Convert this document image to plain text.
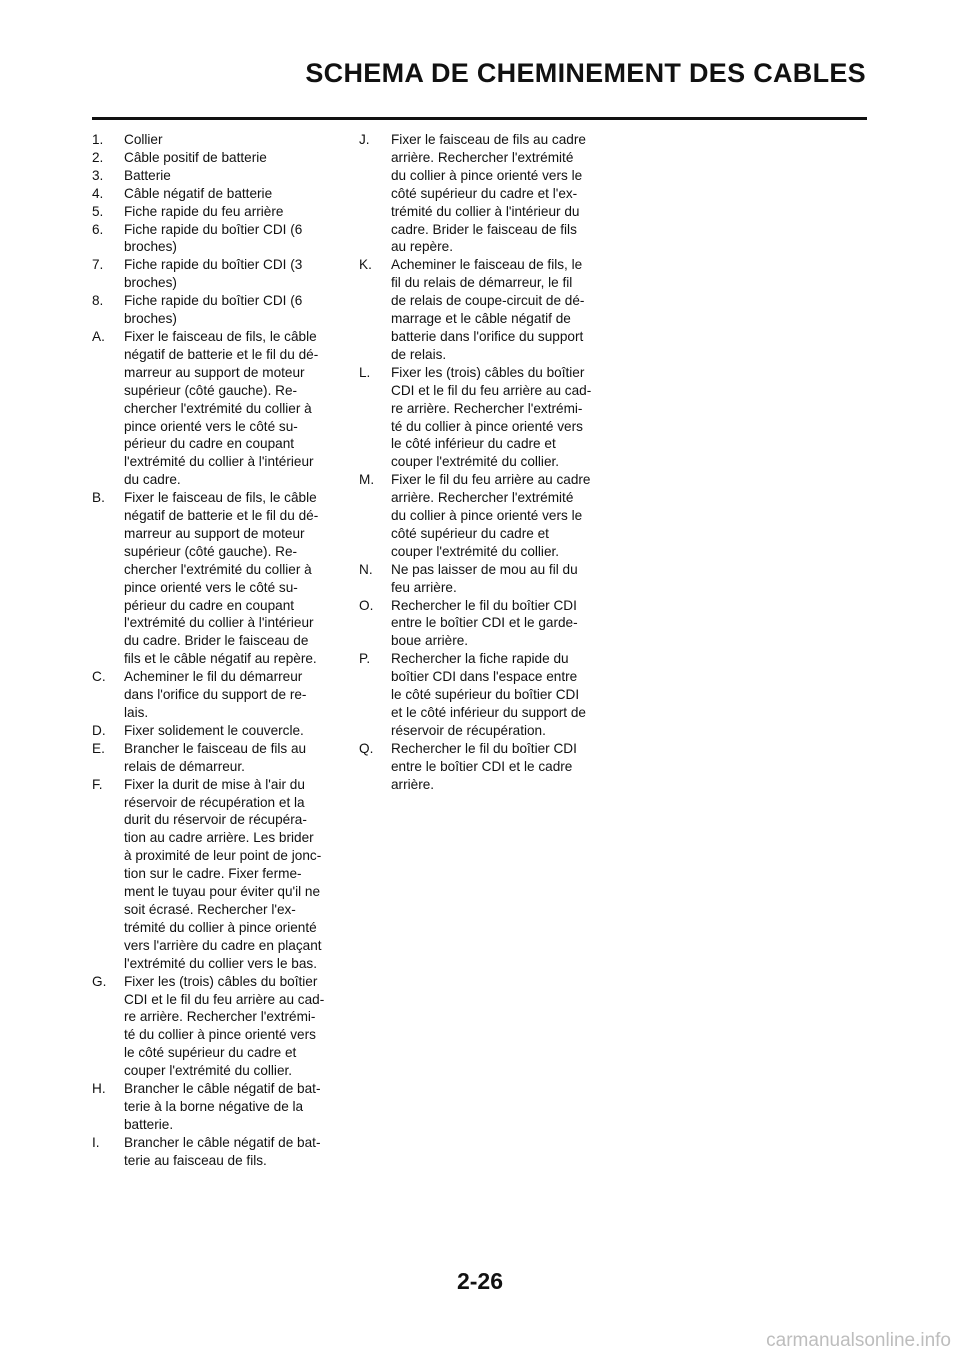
SCHEMA DE CHEMINEMENT DES CABLES
1.	Collier
2.	Câble positif de batterie
3.	Batterie
4.	Câble négatif de batterie
5.	Fiche rapide du feu arrière
6.	Fiche rapide du boîtier CDI (6
broches)
7.	Fiche rapide du boîtier CDI (3
broches)
8.	Fiche rapide du boîtier CDI (6
broches)
A.	Fixer le faisceau de fils, le câble
négatif de batterie et le fil du dé-
marreur au support de moteur
supérieur (côté gauche). Re-
chercher l'extrémité du collier à
pince orienté vers le côté su-
périeur du cadre en coupant
l'extrémité du collier à l'intérieur
du cadre.
B.	Fixer le faisceau de fils, le câble
négatif de batterie et le fil du dé-
marreur au support de moteur
supérieur (côté gauche). Re-
chercher l'extrémité du collier à
pince orienté vers le côté su-
périeur du cadre en coupant
l'extrémité du collier à l'intérieur
du cadre. Brider le faisceau de
fils et le câble négatif au repère.
C.	Acheminer le fil du démarreur
dans l'orifice du support de re-
lais.
D.	Fixer solidement le couvercle.
E.	Brancher le faisceau de fils au
relais de démarreur.
F.	Fixer la durit de mise à l'air du
réservoir de récupération et la
durit du réservoir de récupéra-
tion au cadre arrière. Les brider
à proximité de leur point de jonc-
tion sur le cadre. Fixer ferme-
ment le tuyau pour éviter qu'il ne
soit écrasé. Rechercher l'ex-
trémité du collier à pince orienté
vers l'arrière du cadre en plaçant
l'extrémité du collier vers le bas.
G.	Fixer les (trois) câbles du boîtier
CDI et le fil du feu arrière au cad-
re arrière. Rechercher l'extrémi-
té du collier à pince orienté vers
le côté supérieur du cadre et
couper l'extrémité du collier.
H.	Brancher le câble négatif de bat-
terie à la borne négative de la
batterie.
I.	Brancher le câble négatif de bat-
terie au faisceau de fils.
J.	Fixer le faisceau de fils au cadre
arrière. Rechercher l'extrémité
du collier à pince orienté vers le
côté supérieur du cadre et l'ex-
trémité du collier à l'intérieur du
cadre. Brider le faisceau de fils
au repère.
K.	Acheminer le faisceau de fils, le
fil du relais de démarreur, le fil
de relais de coupe-circuit de dé-
marrage et le câble négatif de
batterie dans l'orifice du support
de relais.
L.	Fixer les (trois) câbles du boîtier
CDI et le fil du feu arrière au cad-
re arrière. Rechercher l'extrémi-
té du collier à pince orienté vers
le côté inférieur du cadre et
couper l'extrémité du collier.
M.	Fixer le fil du feu arrière au cadre
arrière. Rechercher l'extrémité
du collier à pince orienté vers le
côté supérieur du cadre et
couper l'extrémité du collier.
N.	Ne pas laisser de mou au fil du
feu arrière.
O.	Rechercher le fil du boîtier CDI
entre le boîtier CDI et le garde-
boue arrière.
P.	Rechercher la fiche rapide du
boîtier CDI dans l'espace entre
le côté supérieur du boîtier CDI
et le côté inférieur du support de
réservoir de récupération.
Q.	Rechercher le fil du boîtier CDI
entre le boîtier CDI et le cadre
arrière.
2-26
carmanualsonline.info
